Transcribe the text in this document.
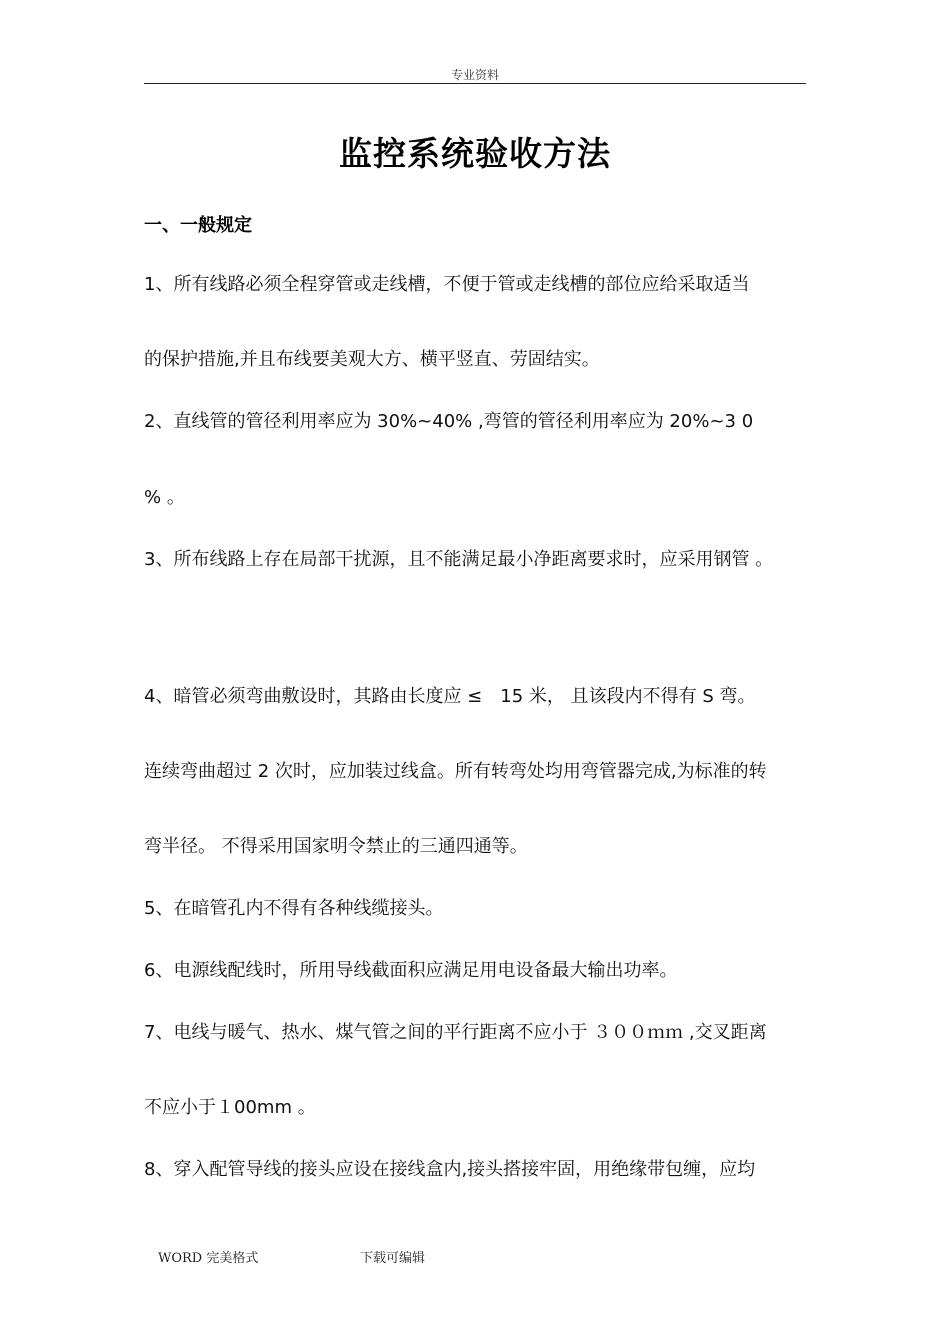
专业资料
监控系统验收方法
一、一般规定
1、所有线路必须全程穿管或走线槽，不便于管或走线槽的部位应给采取适当
的保护措施,并且布线要美观大方、横平竖直、劳固结实。
2、直线管的管径利用率应为 30%~40% ,弯管的管径利用率应为 20%~3 0
% 。
3、所布线路上存在局部干扰源，且不能满足最小净距离要求时，应采用钢管 。
4、暗管必须弯曲敷设时，其路由长度应 ≤　15 米， 且该段内不得有 S 弯。
连续弯曲超过 2 次时，应加装过线盒。所有转弯处均用弯管器完成,为标准的转
弯半径。 不得采用国家明令禁止的三通四通等。
5、在暗管孔内不得有各种线缆接头。
6、电源线配线时，所用导线截面积应满足用电设备最大输出功率。
7、电线与暖气、热水、煤气管之间的平行距离不应小于 ３００ｍｍ ,交叉距离
不应小于１00mm 。
8、穿入配管导线的接头应设在接线盒内,接头搭接牢固，用绝缘带包缠，应均
WORD 完美格式	下载可编辑
